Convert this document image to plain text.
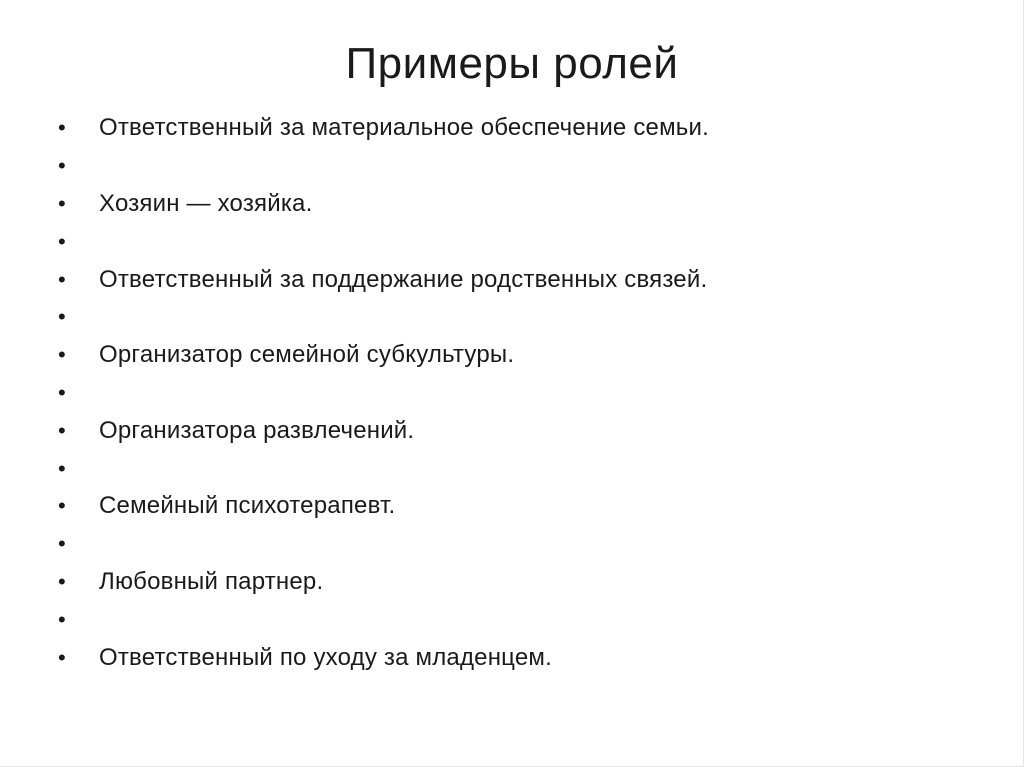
Примеры ролей
•	Ответственный за материальное обеспечение семьи.
•
•	Хозяин — хозяйка.
•
•	Ответственный за поддержание родственных связей.
•
•	Организатор семейной субкультуры.
•
•	Организатора развлечений.
•
•	Семейный психотерапевт.
•
•	Любовный партнер.
•
•	Ответственный по уходу за младенцем.
